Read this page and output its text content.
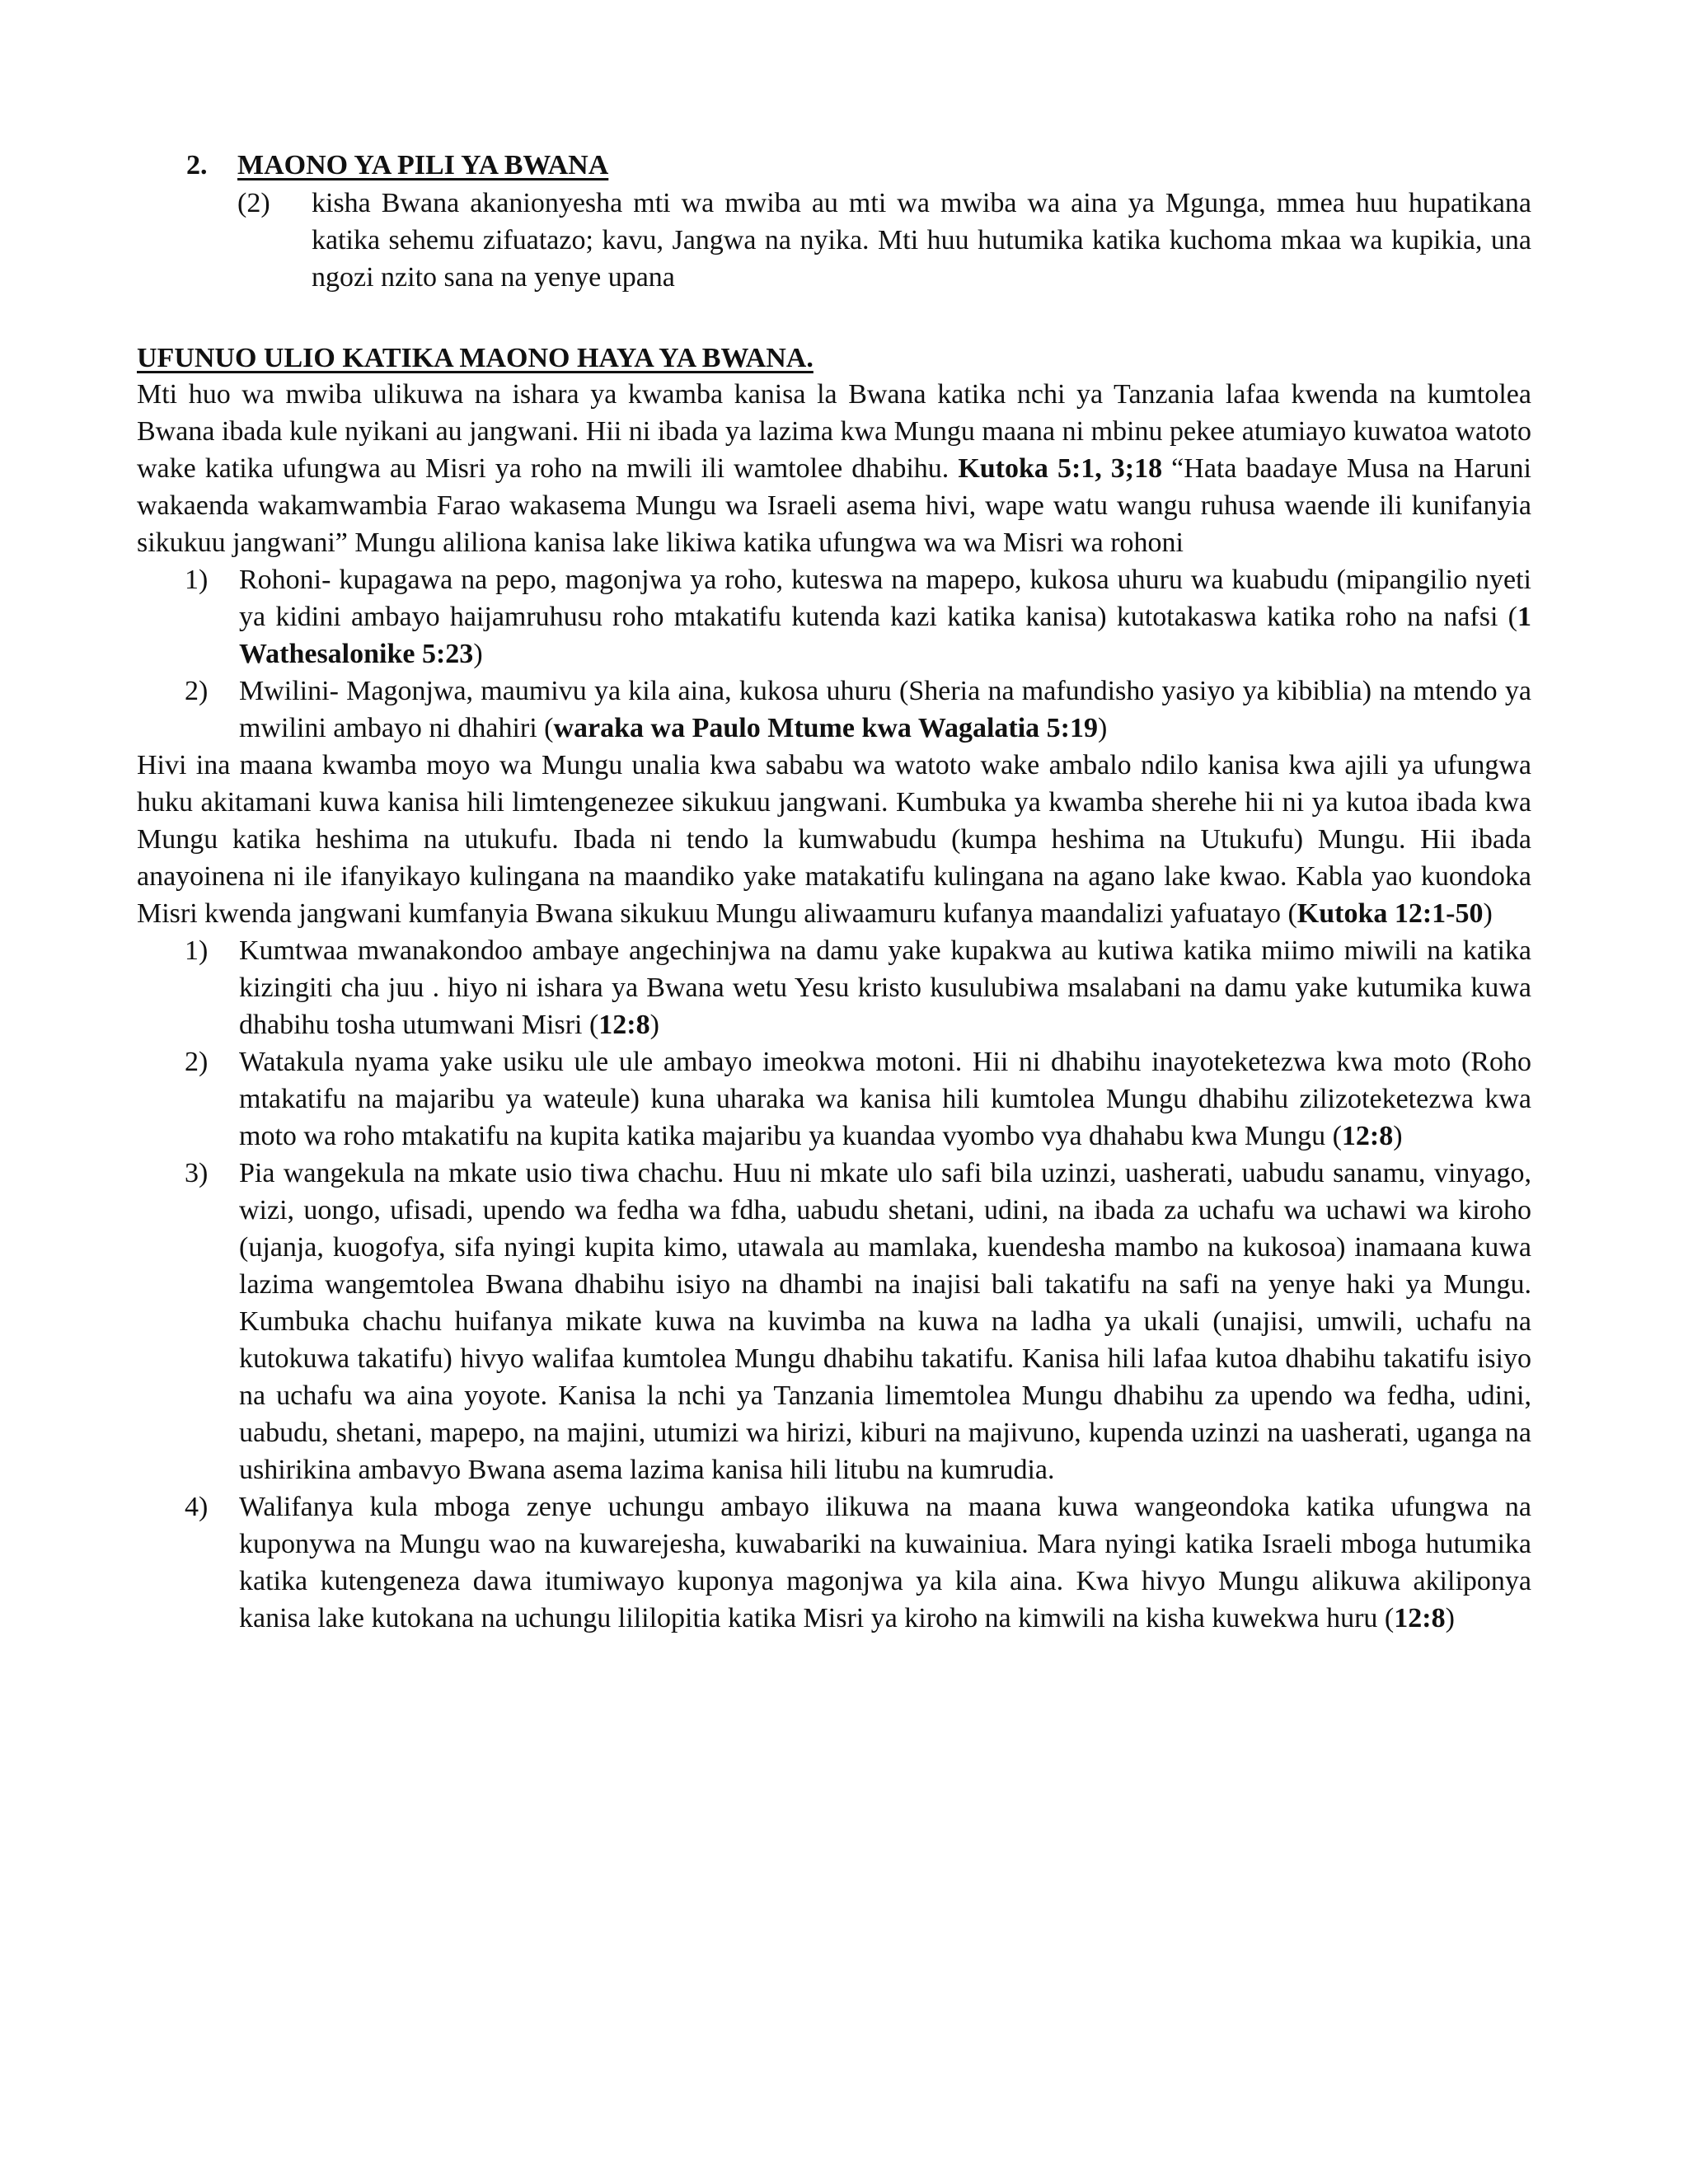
2. MAONO YA PILI YA BWANA
(2) kisha Bwana akanionyesha mti wa mwiba au mti wa mwiba wa aina ya Mgunga, mmea huu hupatikana katika sehemu zifuatazo; kavu, Jangwa na nyika. Mti huu hutumika katika kuchoma mkaa wa kupikia, una ngozi nzito sana na yenye upana
UFUNUO ULIO KATIKA MAONO HAYA YA BWANA.

Mti huo wa mwiba ulikuwa na ishara ya kwamba kanisa la Bwana katika nchi ya Tanzania lafaa kwenda na kumtolea Bwana ibada kule nyikani au jangwani. Hii ni ibada ya lazima kwa Mungu maana ni mbinu pekee atumiayo kuwatoa watoto wake katika ufungwa au Misri ya roho na mwili ili wamtolee dhabihu. Kutoka 5:1, 3;18 “Hata baadaye Musa na Haruni wakaenda wakamwambia Farao wakasema Mungu wa Israeli asema hivi, wape watu wangu ruhusa waende ili kunifanyia sikukuu jangwani” Mungu aliliona kanisa lake likiwa katika ufungwa wa wa Misri wa rohoni

1) Rohoni- kupagawa na pepo, magonjwa ya roho, kuteswa na mapepo, kukosa uhuru wa kuabudu (mipangilio nyeti ya kidini ambayo haijamruhusu roho mtakatifu kutenda kazi katika kanisa) kutotakaswa katika roho na nafsi (1 Wathesalonike 5:23)
2) Mwilini- Magonjwa, maumivu ya kila aina, kukosa uhuru (Sheria na mafundisho yasiyo ya kibiblia) na mtendo ya mwilini ambayo ni dhahiri (waraka wa Paulo Mtume kwa Wagalatia 5:19)

Hivi ina maana kwamba moyo wa Mungu unalia kwa sababu wa watoto wake ambalo ndilo kanisa kwa ajili ya ufungwa huku akitamani kuwa kanisa hili limtengenezee sikukuu jangwani. Kumbuka ya kwamba sherehe hii ni ya kutoa ibada kwa Mungu katika heshima na utukufu. Ibada ni tendo la kumwabudu (kumpa heshima na Utukufu) Mungu. Hii ibada anayoinena ni ile ifanyikayo kulingana na maandiko yake matakatifu kulingana na agano lake kwao. Kabla yao kuondoka Misri kwenda jangwani kumfanyia Bwana sikukuu Mungu aliwaamuru kufanya maandalizi yafuatayo (Kutoka 12:1-50)

1) Kumtwaa mwanakondoo ambaye angechinjwa na damu yake kupakwa au kutiwa katika miimo miwili na katika kizingiti cha juu . hiyo ni ishara ya Bwana wetu Yesu kristo kusulubiwa msalabani na damu yake kutumika kuwa dhabihu tosha utumwani Misri (12:8)
2) Watakula nyama yake usiku ule ule ambayo imeokwa motoni. Hii ni dhabihu inayoteketezwa kwa moto (Roho mtakatifu na majaribu ya wateule) kuna uharaka wa kanisa hili kumtolea Mungu dhabihu zilizoteketezwa kwa moto wa roho mtakatifu na kupita katika majaribu ya kuandaa vyombo vya dhahabu kwa Mungu (12:8)
3) Pia wangekula na mkate usio tiwa chachu. Huu ni mkate ulo safi bila uzinzi, uasherati, uabudu sanamu, vinyago, wizi, uongo, ufisadi, upendo wa fedha wa fdha, uabudu shetani, udini, na ibada za uchafu wa uchawi wa kiroho (ujanja, kuogofya, sifa nyingi kupita kimo, utawala au mamlaka, kuendesha mambo na kukosoa) inamaana kuwa lazima wangemtolea Bwana dhabihu isiyo na dhambi na inajisi bali takatifu na safi na yenye haki ya Mungu. Kumbuka chachu huifanya mikate kuwa na kuvimba na kuwa na ladha ya ukali (unajisi, umwili, uchafu na kutokuwa takatifu) hivyo walifaa kumtolea Mungu dhabihu takatifu. Kanisa hili lafaa kutoa dhabihu takatifu isiyo na uchafu wa aina yoyote. Kanisa la nchi ya Tanzania limemtolea Mungu dhabihu za upendo wa fedha, udini, uabudu, shetani, mapepo, na majini, utumizi wa hirizi, kiburi na majivuno, kupenda uzinzi na uasherati, uganga na ushirikina ambavyo Bwana asema lazima kanisa hili litubu na kumrudia.
4) Walifanya kula mboga zenye uchungu ambayo ilikuwa na maana kuwa wangeondoka katika ufungwa na kuponywa na Mungu wao na kuwarejesha, kuwabariki na kuwainiua. Mara nyingi katika Israeli mboga hutumika katika kutengeneza dawa itumiwayo kuponya magonjwa ya kila aina. Kwa hivyo Mungu alikuwa akiliponya kanisa lake kutokana na uchungu lililopitia katika Misri ya kiroho na kimwili na kisha kuwekwa huru (12:8)
